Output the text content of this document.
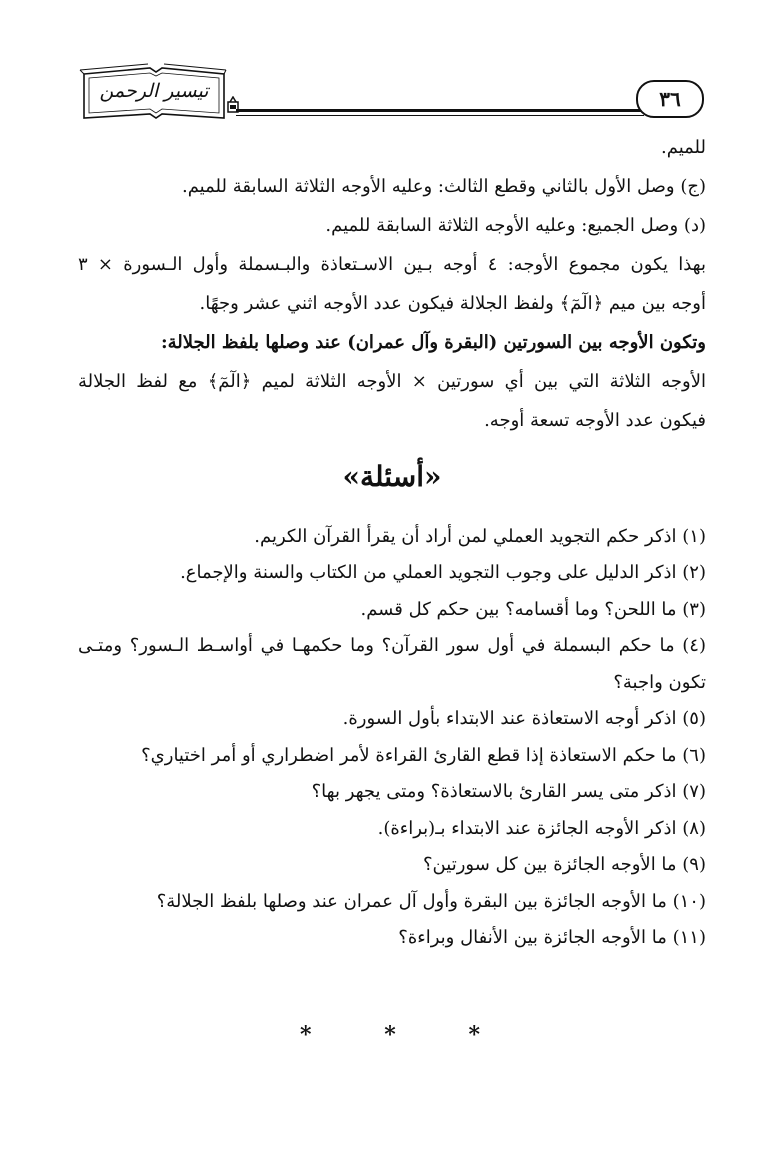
تيسير الرحمن	٣٦

للميم.

(ج) وصل الأول بالثاني وقطع الثالث: وعليه الأوجه الثلاثة السابقة للميم.

(د) وصل الجميع: وعليه الأوجه الثلاثة السابقة للميم.

بهذا يكون مجموع الأوجه: ٤ أوجه بـين الاسـتعاذة والبـسملة وأول الـسورة × ٣

أوجه بين ميم ﴿الٓمٓ﴾ ولفظ الجلالة فيكون عدد الأوجه اثني عشر وجهًا.

وتكون الأوجه بين السورتين (البقرة وآل عمران) عند وصلها بلفظ الجلالة:

الأوجه الثلاثة التي بين أي سورتين × الأوجه الثلاثة لميم ﴿الٓمٓ﴾ مع لفظ الجلالة

فيكون عدد الأوجه تسعة أوجه.

«أسئلة»

(١) اذكر حكم التجويد العملي لمن أراد أن يقرأ القرآن الكريم.

(٢) اذكر الدليل على وجوب التجويد العملي من الكتاب والسنة والإجماع.

(٣) ما اللحن؟ وما أقسامه؟ بين حكم كل قسم.

(٤) ما حكم البسملة في أول سور القرآن؟ وما حكمهـا في أواسـط الـسور؟ ومتـى

تكون واجبة؟

(٥) اذكر أوجه الاستعاذة عند الابتداء بأول السورة.

(٦) ما حكم الاستعاذة إذا قطع القارئ القراءة لأمر اضطراري أو أمر اختياري؟

(٧) اذكر متى يسر القارئ بالاستعاذة؟ ومتى يجهر بها؟

(٨) اذكر الأوجه الجائزة عند الابتداء بـ(براءة).

(٩) ما الأوجه الجائزة بين كل سورتين؟

(١٠) ما الأوجه الجائزة بين البقرة وأول آل عمران عند وصلها بلفظ الجلالة؟

(١١) ما الأوجه الجائزة بين الأنفال وبراءة؟

*	*	*
